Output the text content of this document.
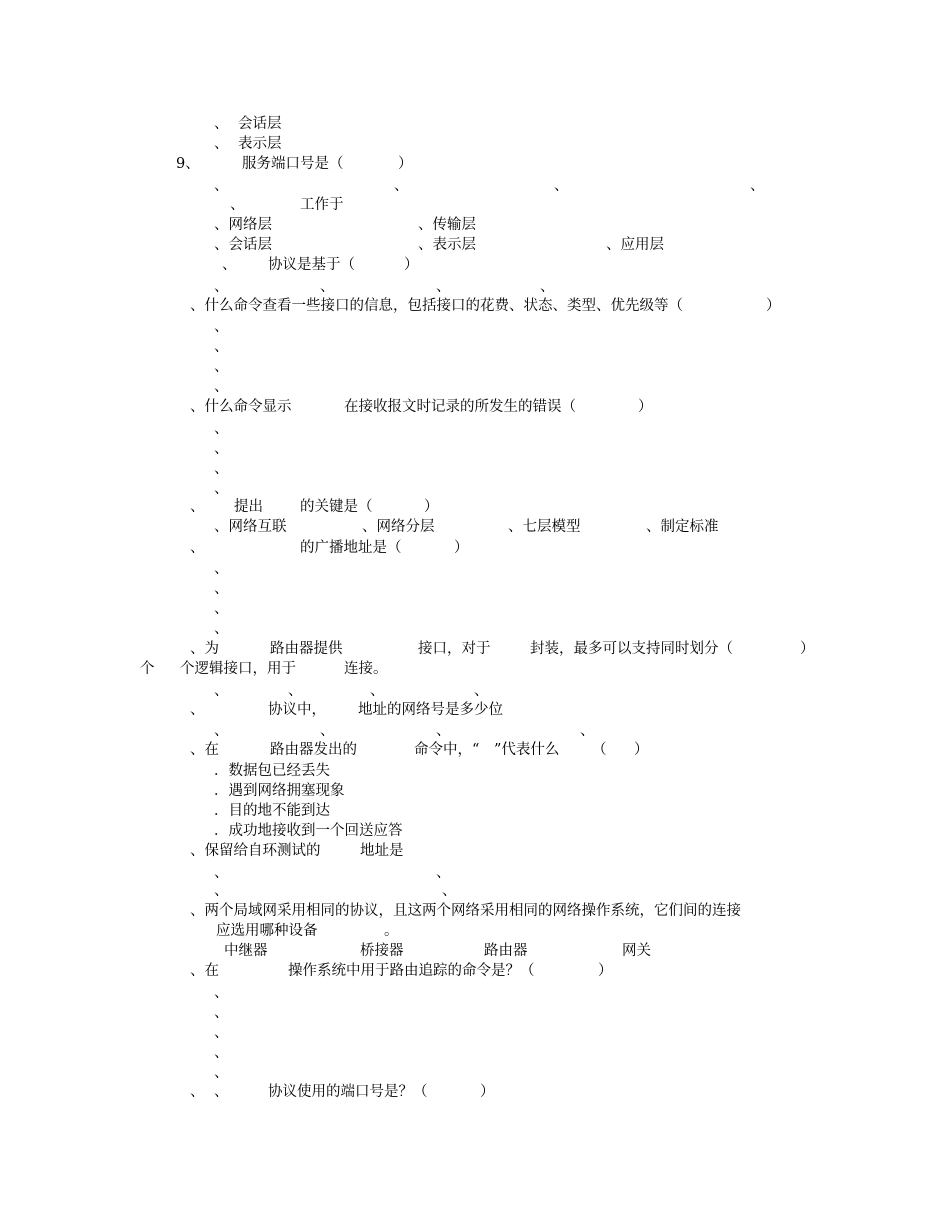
、 会话层
、 表示层
9、	服务端口号是（	）
、	、	、	、
、	工作于
、网络层	、传输层
、会话层	、表示层	、应用层
、 协议是基于（	）
、	、	、	、
、什么命令查看一些接口的信息，包括接口的花费、状态、类型、优先级等（	）
、
、
、
、
、什么命令显示	在接收报文时记录的所发生的错误（	）
、
、
、
、
、 提出	的关键是（	）
、网络互联	、网络分层	、七层模型	、制定标准
、	的广播地址是（	）
、
、
、
、
、为	路由器提供	接口，对于	封装，最多可以支持同时划分（	）
个 个逻辑接口，用于	连接。
、	、	、	、
、	协议中， 地址的网络号是多少位
、	、	、	、
、在	路由器发出的	命令中，“ ”代表什么 （ ）
．数据包已经丢失
．遇到网络拥塞现象
．目的地不能到达
．成功地接收到一个回送应答
、保留给自环测试的	地址是
、	、
、	、
、两个局域网采用相同的协议，且这两个网络采用相同的网络操作系统，它们间的连接
应选用哪种设备	。
中继器	桥接器	路由器	网关
、在	操作系统中用于路由追踪的命令是？（	）
、
、
、
、
、
、 、	协议使用的端口号是？（	）
